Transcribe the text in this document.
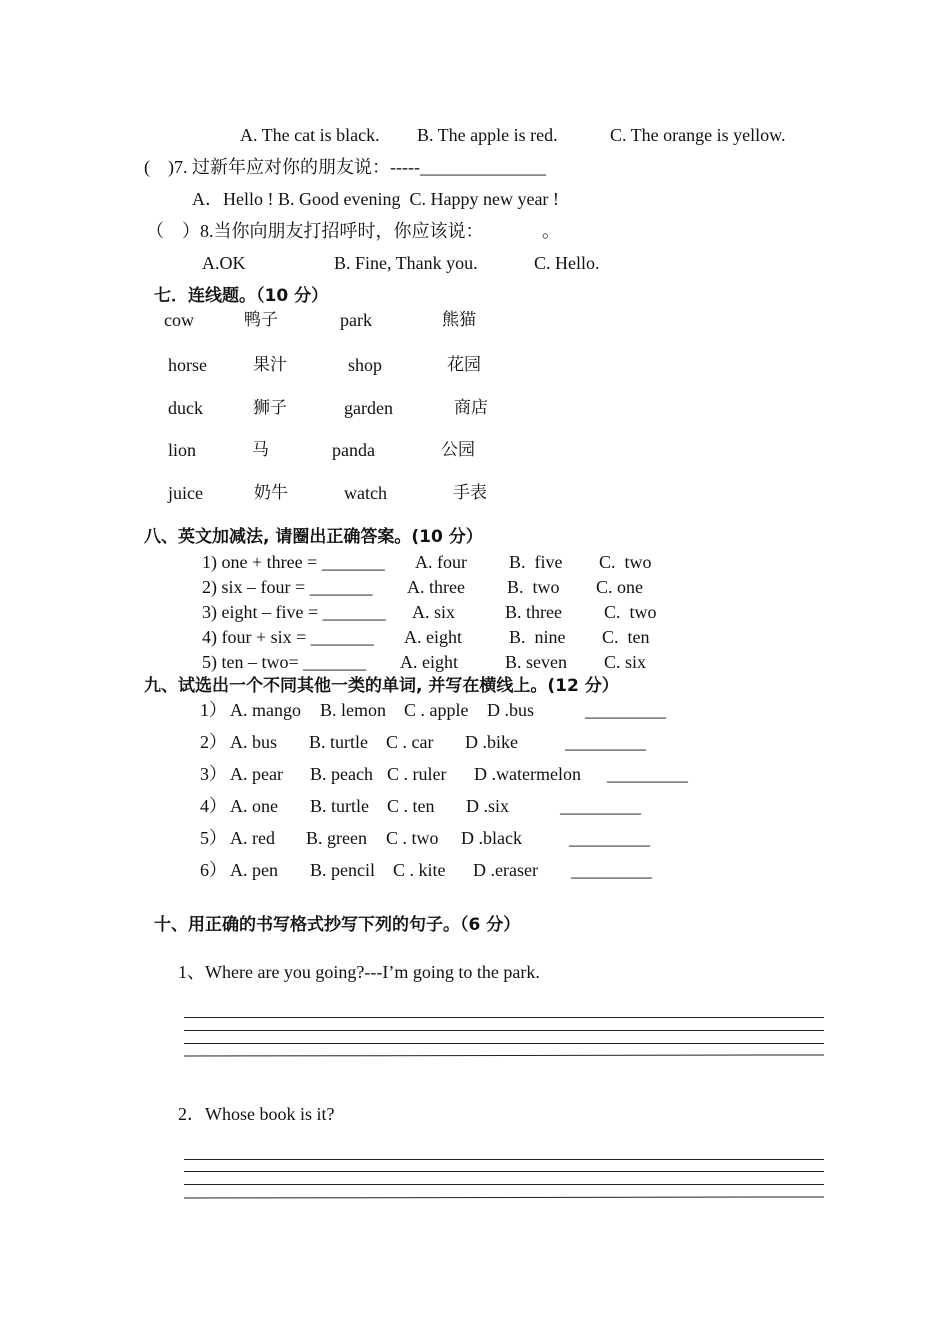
A. The cat is black. B. The apple is red.	C. The orange is yellow.
(    )7. 过新年应对你的朋友说：-----______________
A．Hello ! B. Good evening  C. Happy new year !
（    ）8.当你向朋友打招呼时，你应该说：             。
A.OK	B. Fine, Thank you.	C. Hello.
七．连线题。（10 分）
cow	鸭子	park	熊猫
horse	果汁	shop	花园
duck	狮子	garden	商店
lion	马	panda	公园
juice	奶牛	watch	手表
八、英文加减法, 请圈出正确答案。(10 分）
1) one + three = _______ A. four B.  five C.  two
2) six – four = _______ A. three B.  two C. one
3) eight – five = _______ A. six	B. three C.  two
4) four + six = _______ A. eight	B.  nine C.  ten
5) ten – two= _______ A. eight	B. seven C. six
九、试选出一个不同其他一类的单词, 并写在横线上。(12 分）
1） A. mango B. lemon C . apple D .bus	_________
2） A. bus B. turtle C . car D .bike	_________
3） A. pear B. peach C . ruler D .watermelon _________
4） A. one B. turtle C . ten D .six	_________
5） A. red B. green C . two D .black	_________
6） A. pen B. pencil C . kite D .eraser _________
十、用正确的书写格式抄写下列的句子。（6 分）
1、Where are you going?---I’m going to the park.
2．Whose book is it?
